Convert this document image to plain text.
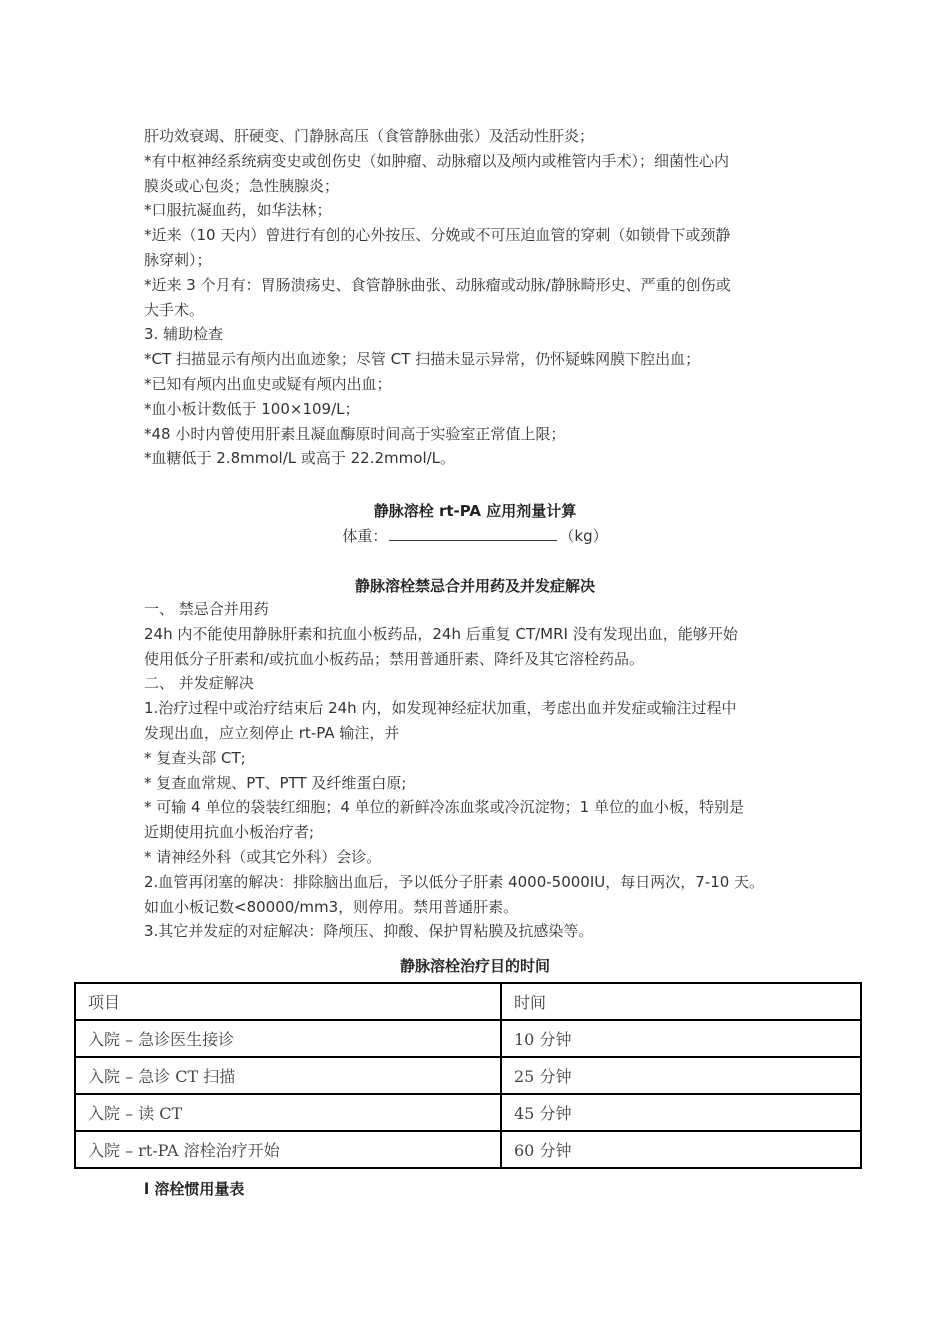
肝功效衰竭、肝硬变、门静脉高压（食管静脉曲张）及活动性肝炎；
*有中枢神经系统病变史或创伤史（如肿瘤、动脉瘤以及颅内或椎管内手术）；细菌性心内
膜炎或心包炎；急性胰腺炎；
*口服抗凝血药，如华法林；
*近来（10 天内）曾进行有创的心外按压、分娩或不可压迫血管的穿刺（如锁骨下或颈静
脉穿刺）；
*近来 3 个月有：胃肠溃疡史、食管静脉曲张、动脉瘤或动脉/静脉畸形史、严重的创伤或
大手术。
3. 辅助检查
*CT 扫描显示有颅内出血迹象；尽管 CT 扫描未显示异常，仍怀疑蛛网膜下腔出血；
*已知有颅内出血史或疑有颅内出血；
*血小板计数低于 100×109/L；
*48 小时内曾使用肝素且凝血酶原时间高于实验室正常值上限；
*血糖低于 2.8mmol/L 或高于 22.2mmol/L。
静脉溶栓 rt-PA 应用剂量计算
体重：	（kg）
静脉溶栓禁忌合并用药及并发症解决
一、 禁忌合并用药
24h 内不能使用静脉肝素和抗血小板药品，24h 后重复 CT/MRI 没有发现出血，能够开始
使用低分子肝素和/或抗血小板药品；禁用普通肝素、降纤及其它溶栓药品。
二、 并发症解决
1.治疗过程中或治疗结束后 24h 内，如发现神经症状加重，考虑出血并发症或输注过程中
发现出血，应立刻停止 rt-PA 输注，并
* 复查头部 CT;
* 复查血常规、PT、PTT 及纤维蛋白原;
* 可输 4 单位的袋装红细胞；4 单位的新鲜冷冻血浆或冷沉淀物；1 单位的血小板，特别是
近期使用抗血小板治疗者;
* 请神经外科（或其它外科）会诊。
2.血管再闭塞的解决：排除脑出血后，予以低分子肝素 4000-5000IU，每日两次，7-10 天。
如血小板记数<80000/mm3，则停用。禁用普通肝素。
3.其它并发症的对症解决：降颅压、抑酸、保护胃粘膜及抗感染等。
静脉溶栓治疗目的时间
项目	时间
入院 – 急诊医生接诊	10 分钟
入院 – 急诊 CT 扫描	25 分钟
入院 – 读 CT	45 分钟
入院 – rt-PA 溶栓治疗开始	60 分钟
l 溶栓惯用量表
